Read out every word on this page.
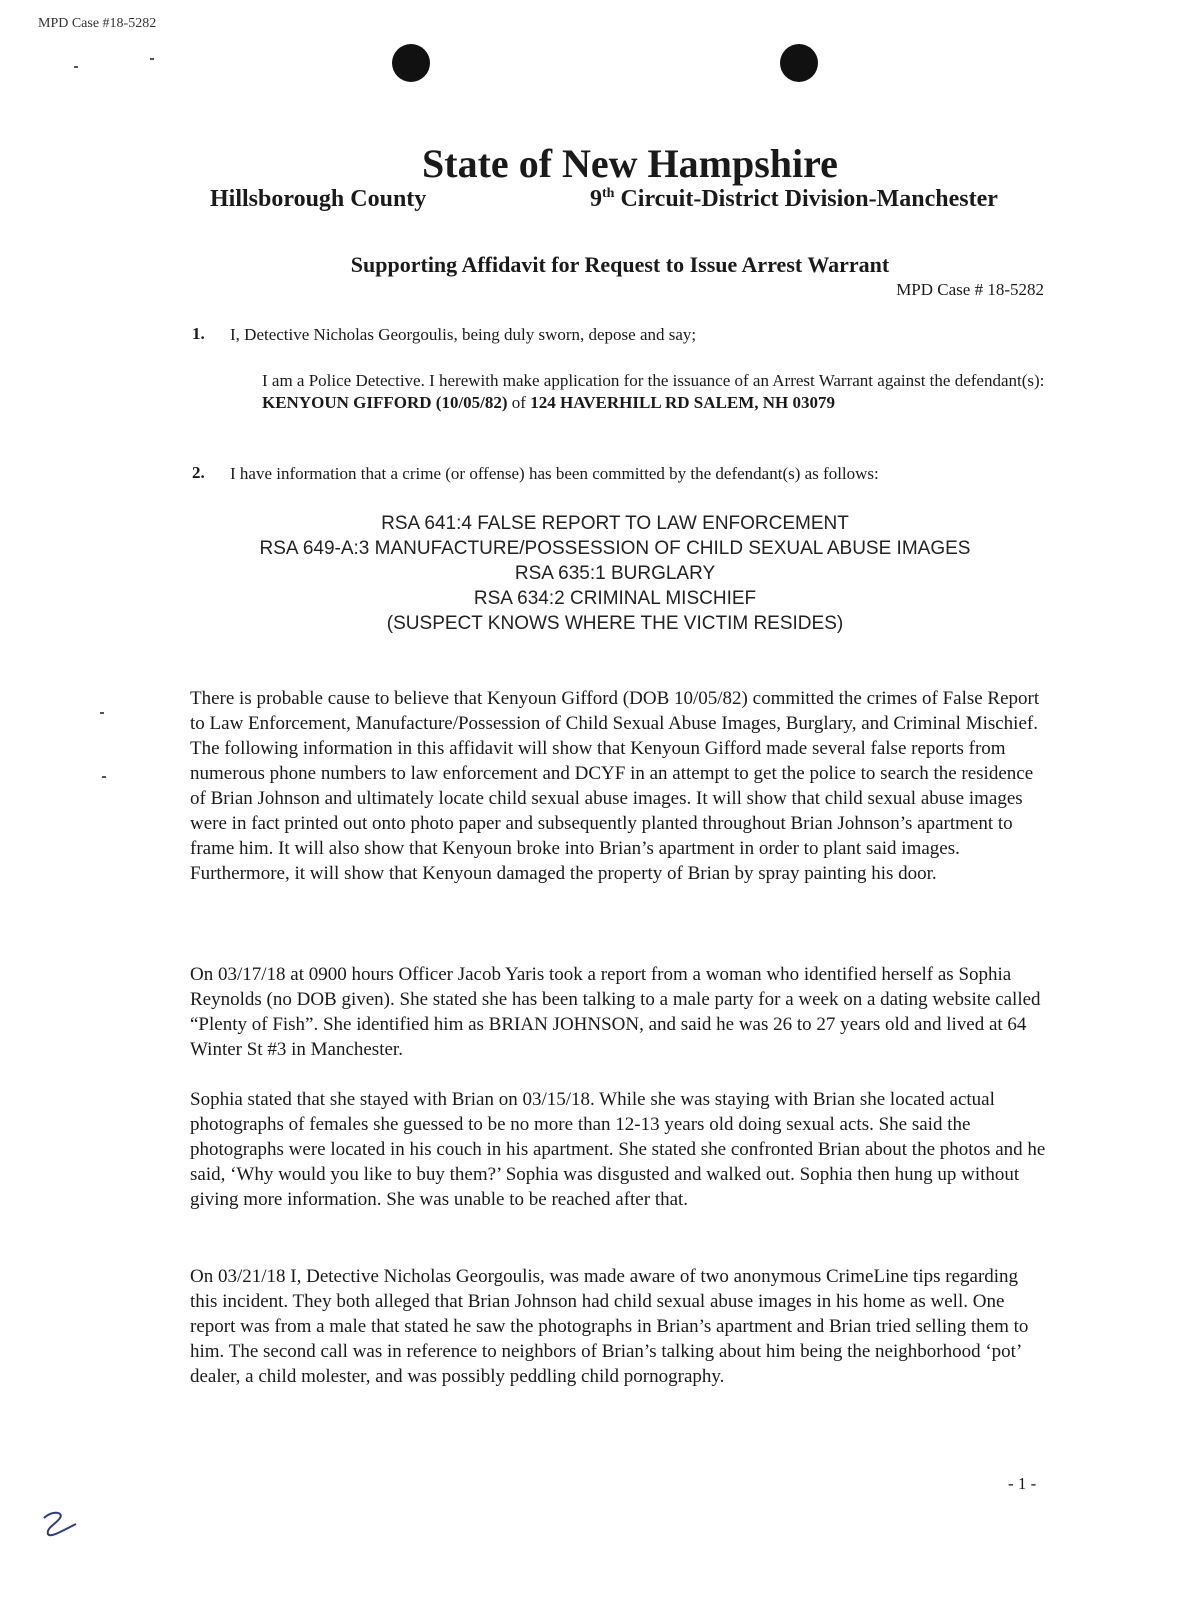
MPD Case #18-5282
State of New Hampshire
Hillsborough County	9th Circuit-District Division-Manchester
Supporting Affidavit for Request to Issue Arrest Warrant
MPD Case # 18-5282
1. I, Detective Nicholas Georgoulis, being duly sworn, depose and say;
I am a Police Detective. I herewith make application for the issuance of an Arrest Warrant against the defendant(s): KENYOUN GIFFORD (10/05/82) of 124 HAVERHILL RD SALEM, NH 03079
2. I have information that a crime (or offense) has been committed by the defendant(s) as follows:
RSA 641:4 FALSE REPORT TO LAW ENFORCEMENT
RSA 649-A:3 MANUFACTURE/POSSESSION OF CHILD SEXUAL ABUSE IMAGES
RSA 635:1 BURGLARY
RSA 634:2 CRIMINAL MISCHIEF
(SUSPECT KNOWS WHERE THE VICTIM RESIDES)
There is probable cause to believe that Kenyoun Gifford (DOB 10/05/82) committed the crimes of False Report to Law Enforcement, Manufacture/Possession of Child Sexual Abuse Images, Burglary, and Criminal Mischief. The following information in this affidavit will show that Kenyoun Gifford made several false reports from numerous phone numbers to law enforcement and DCYF in an attempt to get the police to search the residence of Brian Johnson and ultimately locate child sexual abuse images. It will show that child sexual abuse images were in fact printed out onto photo paper and subsequently planted throughout Brian Johnson’s apartment to frame him. It will also show that Kenyoun broke into Brian’s apartment in order to plant said images. Furthermore, it will show that Kenyoun damaged the property of Brian by spray painting his door.
On 03/17/18 at 0900 hours Officer Jacob Yaris took a report from a woman who identified herself as Sophia Reynolds (no DOB given). She stated she has been talking to a male party for a week on a dating website called “Plenty of Fish”. She identified him as BRIAN JOHNSON, and said he was 26 to 27 years old and lived at 64 Winter St #3 in Manchester.
Sophia stated that she stayed with Brian on 03/15/18. While she was staying with Brian she located actual photographs of females she guessed to be no more than 12-13 years old doing sexual acts. She said the photographs were located in his couch in his apartment. She stated she confronted Brian about the photos and he said, ‘Why would you like to buy them?’ Sophia was disgusted and walked out. Sophia then hung up without giving more information. She was unable to be reached after that.
On 03/21/18 I, Detective Nicholas Georgoulis, was made aware of two anonymous CrimeLine tips regarding this incident. They both alleged that Brian Johnson had child sexual abuse images in his home as well. One report was from a male that stated he saw the photographs in Brian’s apartment and Brian tried selling them to him. The second call was in reference to neighbors of Brian’s talking about him being the neighborhood ‘pot’ dealer, a child molester, and was possibly peddling child pornography.
- 1 -
